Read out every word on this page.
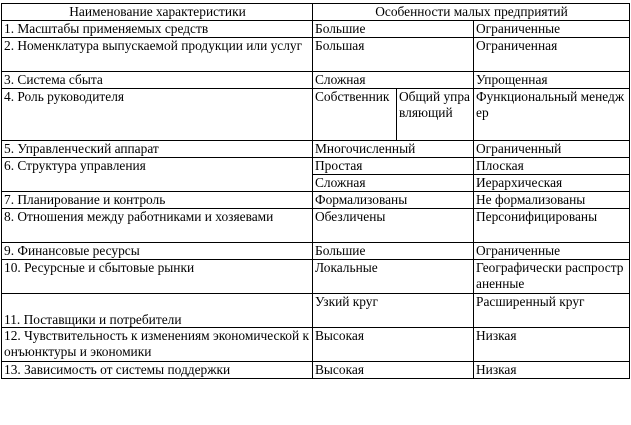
Наименование характеристики	Особенности малых предприятий		
1. Масштабы применяемых средств	Большие		Ограниченные
2. Номенклатура выпускаемой продукции или услуг	Большая		Ограниченная
3. Система сбыта	Сложная		Упрощенная
4. Роль руководителя	Собственник	Общий управляющий	Функциональный менеджер
5. Управленческий аппарат	Многочисленный		Ограниченный
6. Структура управления	Простая		Плоская
	Сложная		Иерархическая
7. Планирование и контроль	Формализованы		Не формализованы
8. Отношения между работниками и хозяевами	Обезличены		Персонифицированы
9. Финансовые ресурсы	Большие		Ограниченные
10. Ресурсные и сбытовые рынки	Локальные		Географически распространенные
11. Поставщики и потребители	Узкий круг		Расширенный круг
12. Чувствительность к изменениям экономической конъюнктуры и экономики	Высокая		Низкая
13. Зависимость от системы поддержки	Высокая		Низкая
